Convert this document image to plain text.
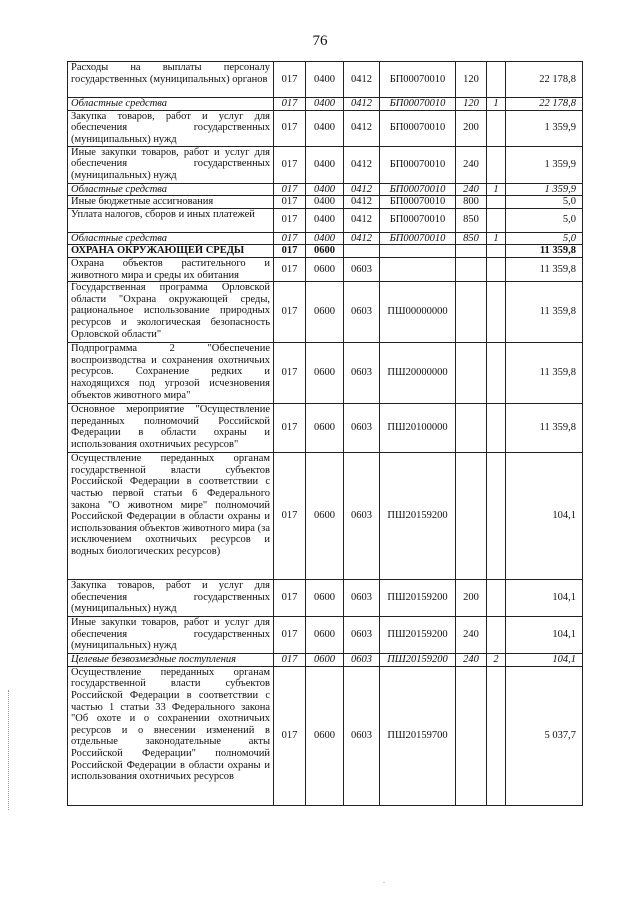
76
Расходы на выплаты персоналу государственных (муниципальных) органов	017	0400	0412	БП00070010	120		22 178,8
Областные средства	017	0400	0412	БП00070010	120	1	22 178,8
Закупка товаров, работ и услуг для обеспечения государственных (муниципальных) нужд	017	0400	0412	БП00070010	200		1 359,9
Иные закупки товаров, работ и услуг для обеспечения государственных (муниципальных) нужд	017	0400	0412	БП00070010	240		1 359,9
Областные средства	017	0400	0412	БП00070010	240	1	1 359,9
Иные бюджетные ассигнования	017	0400	0412	БП00070010	800		5,0
Уплата налогов, сборов и иных платежей	017	0400	0412	БП00070010	850		5,0
Областные средства	017	0400	0412	БП00070010	850	1	5,0
ОХРАНА ОКРУЖАЮЩЕЙ СРЕДЫ	017	0600					11 359,8
Охрана объектов растительного и животного мира и среды их обитания	017	0600	0603				11 359,8
Государственная программа Орловской области "Охрана окружающей среды, рациональное использование природных ресурсов и экологическая безопасность Орловской области"	017	0600	0603	ПШ00000000			11 359,8
Подпрограмма 2 "Обеспечение воспроизводства и сохранения охотничьих ресурсов. Сохранение редких и находящихся под угрозой исчезновения объектов животного мира"	017	0600	0603	ПШ20000000			11 359,8
Основное мероприятие "Осуществление переданных полномочий Российской Федерации в области охраны и использования охотничьих ресурсов"	017	0600	0603	ПШ20100000			11 359,8
Осуществление переданных органам государственной власти субъектов Российской Федерации в соответствии с частью первой статьи 6 Федерального закона "О животном мире" полномочий Российской Федерации в области охраны и использования объектов животного мира (за исключением охотничьих ресурсов и водных биологических ресурсов)	017	0600	0603	ПШ20159200			104,1
Закупка товаров, работ и услуг для обеспечения государственных (муниципальных) нужд	017	0600	0603	ПШ20159200	200		104,1
Иные закупки товаров, работ и услуг для обеспечения государственных (муниципальных) нужд	017	0600	0603	ПШ20159200	240		104,1
Целевые безвозмездные поступления	017	0600	0603	ПШ20159200	240	2	104,1
Осуществление переданных органам государственной власти субъектов Российской Федерации в соответствии с частью 1 статьи 33 Федерального закона "Об охоте и о сохранении охотничьих ресурсов и о внесении изменений в отдельные законодательные акты Российской Федерации" полномочий Российской Федерации в области охраны и использования охотничьих ресурсов	017	0600	0603	ПШ20159700			5 037,7
.
